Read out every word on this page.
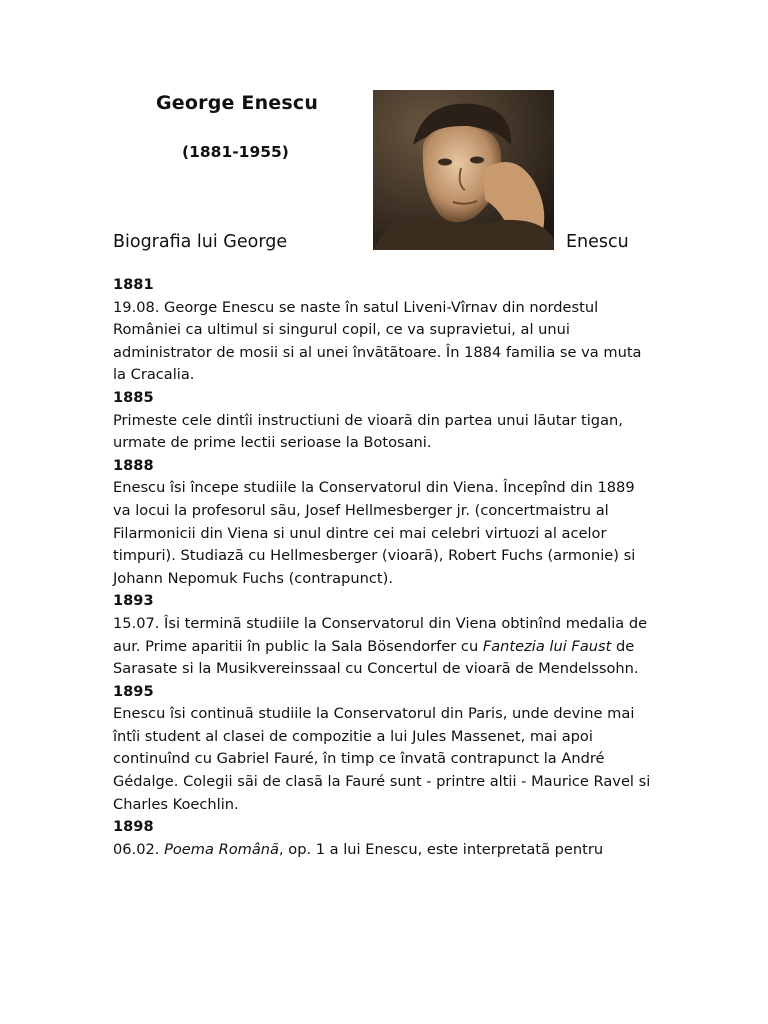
George Enescu
(1881-1955)
Biografia lui George	Enescu
1881

19.08. George Enescu se naste în satul Liveni-Vîrnav din nordestul României ca ultimul si singurul copil, ce va supravietui, al unui administrator de mosii si al unei învãtãtoare. În 1884 familia se va muta la Cracalia.

1885

Primeste cele dintîi instructiuni de vioarã din partea unui lãutar tigan, urmate de prime lectii serioase la Botosani.

1888

Enescu îsi începe studiile la Conservatorul din Viena. Începînd din 1889 va locui la profesorul sãu, Josef Hellmesberger jr. (concertmaistru al Filarmonicii din Viena si unul dintre cei mai celebri virtuozi al acelor timpuri). Studiazã cu Hellmesberger (vioarã), Robert Fuchs (armonie) si Johann Nepomuk Fuchs (contrapunct).

1893

15.07. Îsi terminã studiile la Conservatorul din Viena obtinînd medalia de aur. Prime aparitii în public la Sala Bösendorfer cu Fantezia lui Faust de Sarasate si la Musikvereinssaal cu Concertul de vioarã de Mendelssohn.

1895

Enescu îsi continuã studiile la Conservatorul din Paris, unde devine mai întîi student al clasei de compozitie a lui Jules Massenet, mai apoi continuînd cu Gabriel Fauré, în timp ce învatã contrapunct la André Gédalge. Colegii sãi de clasã la Fauré sunt - printre altii - Maurice Ravel si Charles Koechlin.

1898

06.02. Poema Românã, op. 1 a lui Enescu, este interpretatã pentru
